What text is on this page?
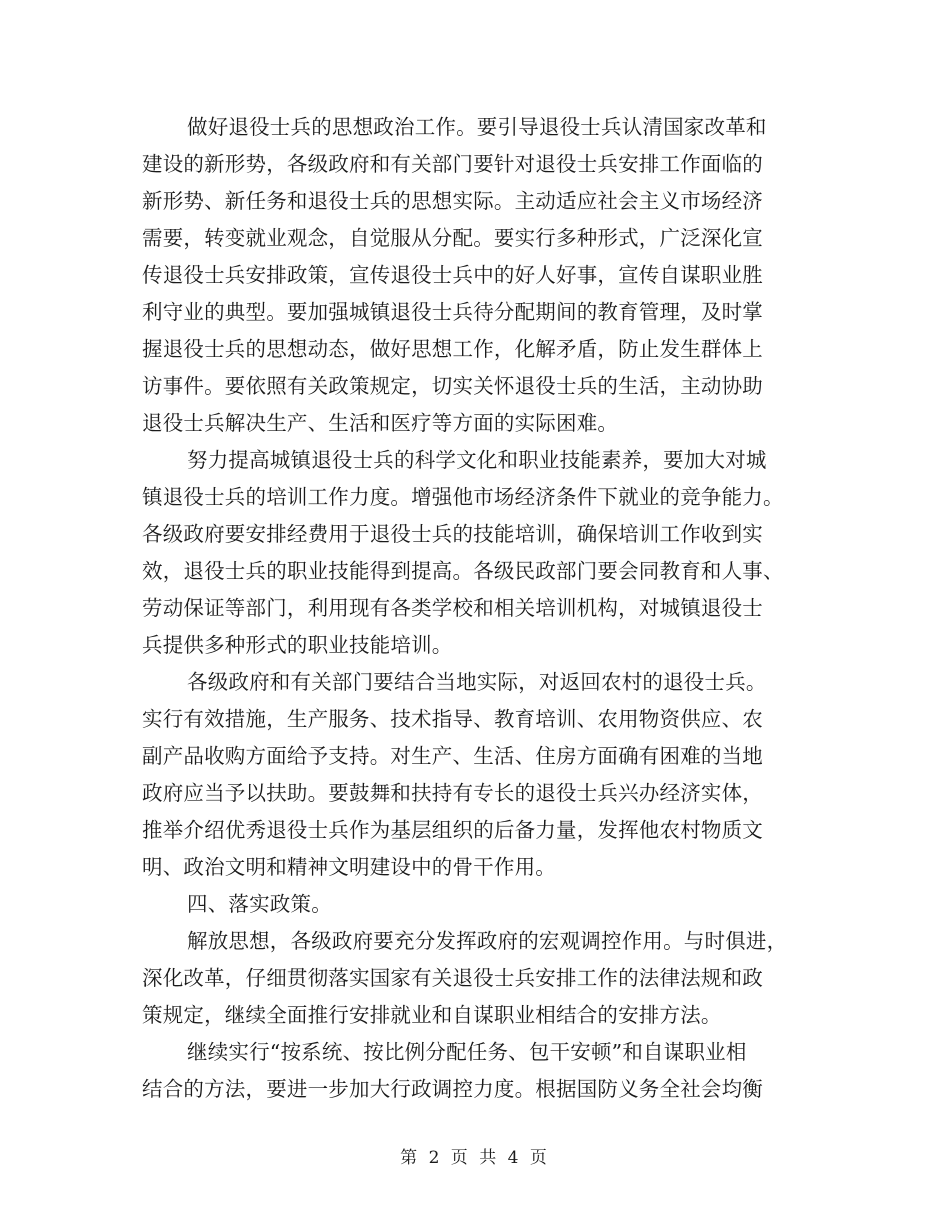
做好退役士兵的思想政治工作。要引导退役士兵认清国家改革和
建设的新形势，各级政府和有关部门要针对退役士兵安排工作面临的
新形势、新任务和退役士兵的思想实际。主动适应社会主义市场经济
需要，转变就业观念，自觉服从分配。要实行多种形式，广泛深化宣
传退役士兵安排政策，宣传退役士兵中的好人好事，宣传自谋职业胜
利守业的典型。要加强城镇退役士兵待分配期间的教育管理，及时掌
握退役士兵的思想动态，做好思想工作，化解矛盾，防止发生群体上
访事件。要依照有关政策规定，切实关怀退役士兵的生活，主动协助
退役士兵解决生产、生活和医疗等方面的实际困难。
努力提高城镇退役士兵的科学文化和职业技能素养，要加大对城
镇退役士兵的培训工作力度。增强他市场经济条件下就业的竞争能力。
各级政府要安排经费用于退役士兵的技能培训，确保培训工作收到实
效，退役士兵的职业技能得到提高。各级民政部门要会同教育和人事、
劳动保证等部门，利用现有各类学校和相关培训机构，对城镇退役士
兵提供多种形式的职业技能培训。
各级政府和有关部门要结合当地实际，对返回农村的退役士兵。
实行有效措施，生产服务、技术指导、教育培训、农用物资供应、农
副产品收购方面给予支持。对生产、生活、住房方面确有困难的当地
政府应当予以扶助。要鼓舞和扶持有专长的退役士兵兴办经济实体，
推举介绍优秀退役士兵作为基层组织的后备力量，发挥他农村物质文
明、政治文明和精神文明建设中的骨干作用。
四、落实政策。
解放思想，各级政府要充分发挥政府的宏观调控作用。与时俱进，
深化改革，仔细贯彻落实国家有关退役士兵安排工作的法律法规和政
策规定，继续全面推行安排就业和自谋职业相结合的安排方法。
继续实行“按系统、按比例分配任务、包干安顿”和自谋职业相
结合的方法，要进一步加大行政调控力度。根据国防义务全社会均衡
第 2 页 共 4 页
